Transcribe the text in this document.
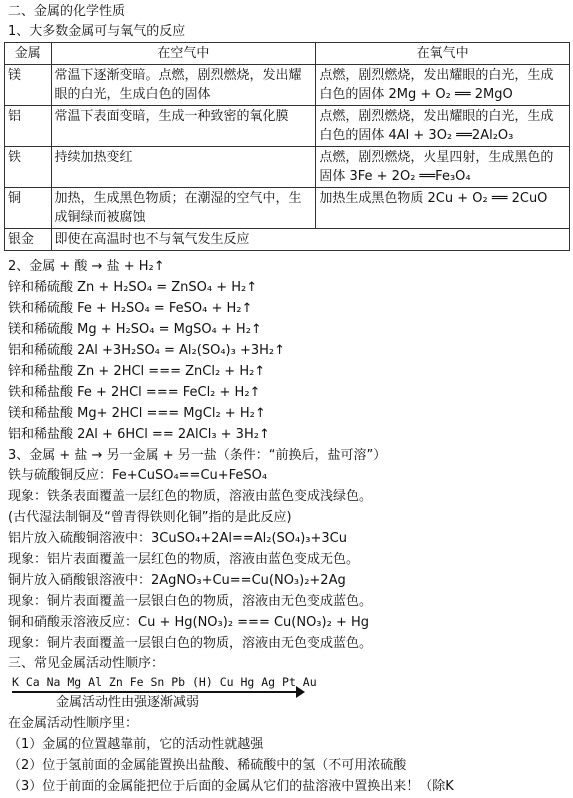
二、金属的化学性质
1、大多数金属可与氧气的反应
金属	在空气中	在氧气中
镁	常温下逐渐变暗。点燃，剧烈燃烧，发出耀眼的白光，生成白色的固体	点燃，剧烈燃烧，发出耀眼的白光，生成白色的固体 2Mg + O₂ ══ 2MgO
铝	常温下表面变暗，生成一种致密的氧化膜	点燃，剧烈燃烧，发出耀眼的白光，生成白色的固体 4Al + 3O₂ ══2Al₂O₃
铁	持续加热变红	点燃，剧烈燃烧，火星四射，生成黑色的固体 3Fe + 2O₂ ══Fe₃O₄
铜	加热，生成黑色物质；在潮湿的空气中，生成铜绿而被腐蚀	加热生成黑色物质 2Cu + O₂ ══ 2CuO
银金	即使在高温时也不与氧气发生反应	
2、金属 + 酸 → 盐 + H₂↑
锌和稀硫酸 Zn + H₂SO₄ = ZnSO₄ + H₂↑
铁和稀硫酸 Fe + H₂SO₄ = FeSO₄ + H₂↑
镁和稀硫酸 Mg + H₂SO₄ = MgSO₄ + H₂↑
铝和稀硫酸 2Al +3H₂SO₄ = Al₂(SO₄)₃ +3H₂↑
锌和稀盐酸 Zn + 2HCl === ZnCl₂ + H₂↑
铁和稀盐酸 Fe + 2HCl === FeCl₂ + H₂↑
镁和稀盐酸 Mg+ 2HCl === MgCl₂ + H₂↑
铝和稀盐酸 2Al + 6HCl == 2AlCl₃ + 3H₂↑
3、金属 + 盐 → 另一金属 + 另一盐（条件：“前换后，盐可溶”）
铁与硫酸铜反应：Fe+CuSO₄==Cu+FeSO₄
现象：铁条表面覆盖一层红色的物质，溶液由蓝色变成浅绿色。
(古代湿法制铜及“曾青得铁则化铜”指的是此反应)
铝片放入硫酸铜溶液中：3CuSO₄+2Al==Al₂(SO₄)₃+3Cu
现象：铝片表面覆盖一层红色的物质，溶液由蓝色变成无色。
铜片放入硝酸银溶液中：2AgNO₃+Cu==Cu(NO₃)₂+2Ag
现象：铜片表面覆盖一层银白色的物质，溶液由无色变成蓝色。
铜和硝酸汞溶液反应：Cu + Hg(NO₃)₂ === Cu(NO₃)₂ + Hg
现象：铜片表面覆盖一层银白色的物质，溶液由无色变成蓝色。
三、常见金属活动性顺序：
K Ca Na Mg Al Zn Fe Sn Pb (H) Cu Hg Ag Pt Au
金属活动性由强逐渐减弱
在金属活动性顺序里：
（1）金属的位置越靠前，它的活动性就越强
（2）位于氢前面的金属能置换出盐酸、稀硫酸中的氢（不可用浓硫酸
（3）位于前面的金属能把位于后面的金属从它们的盐溶液中置换出来！（除K
